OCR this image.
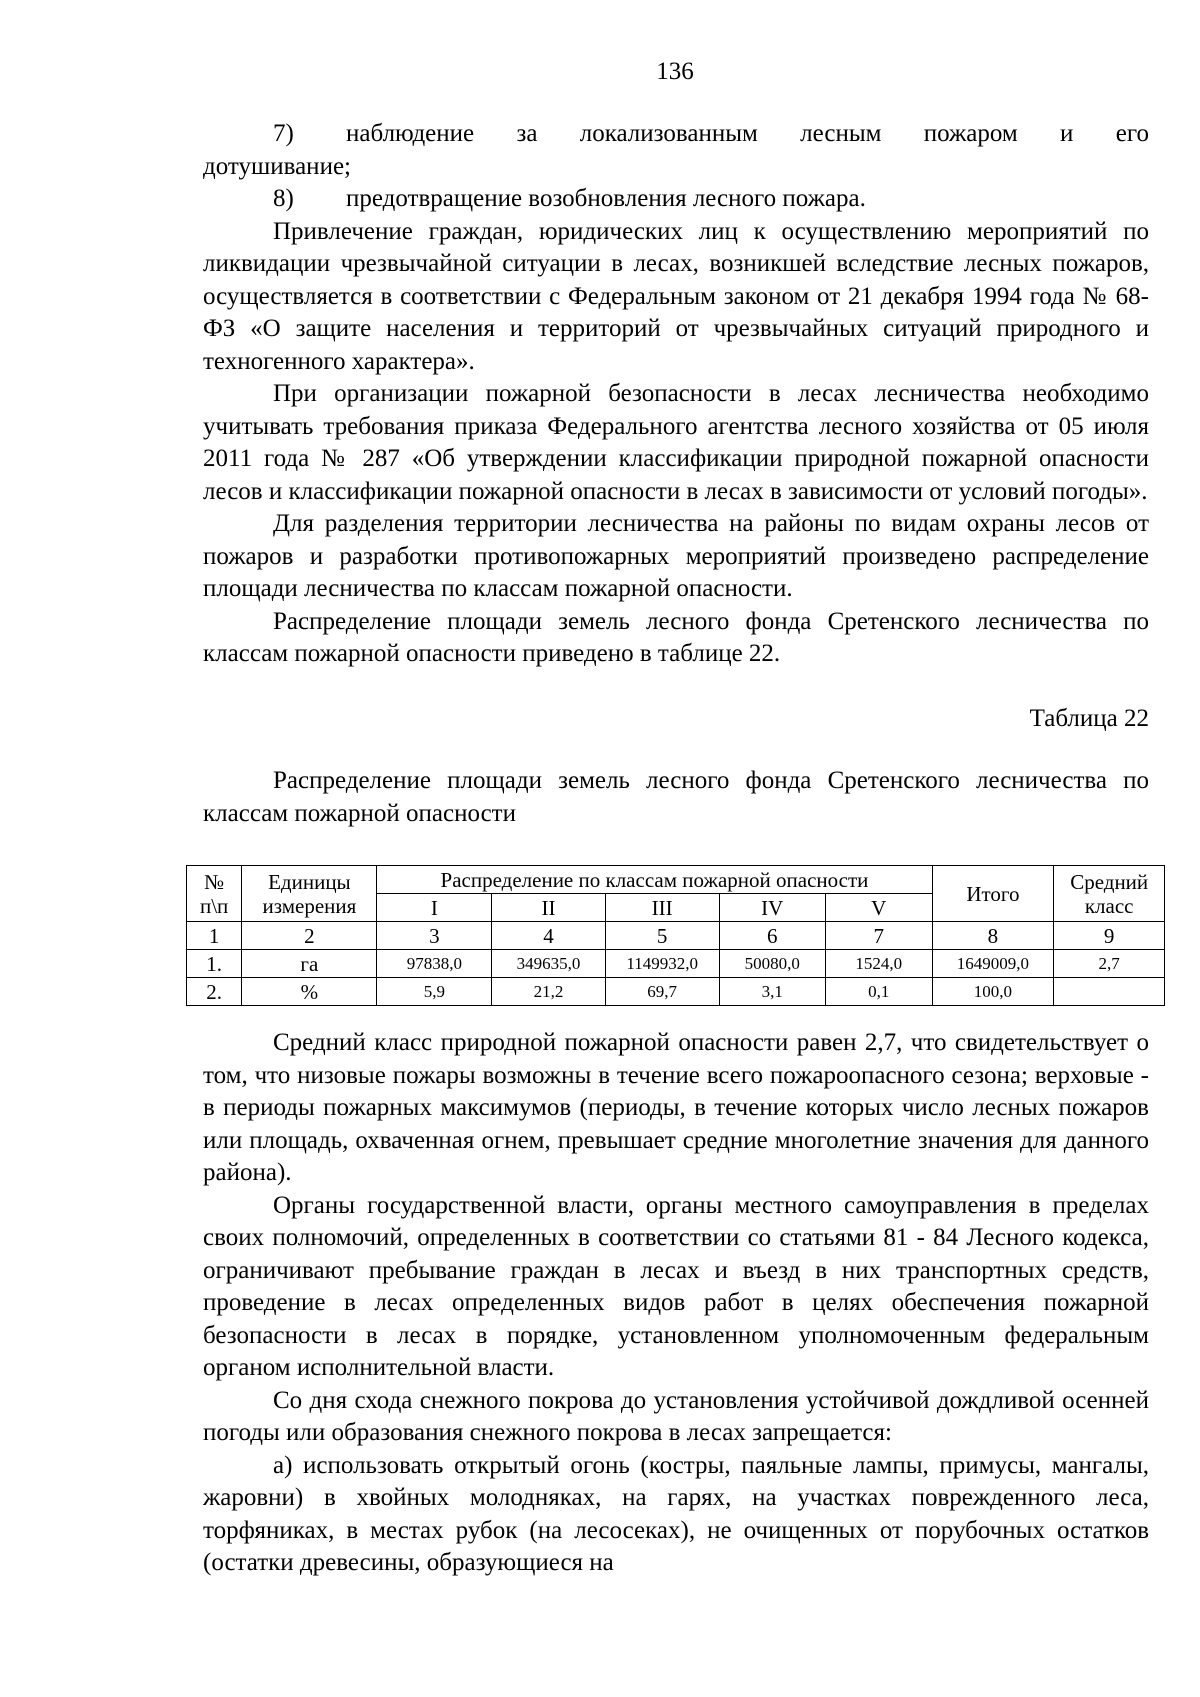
136
7)	наблюдение за локализованным лесным пожаром и его
дотушивание;
8)	предотвращение возобновления лесного пожара.

Привлечение граждан, юридических лиц к осуществлению мероприятий по ликвидации чрезвычайной ситуации в лесах, возникшей вследствие лесных пожаров, осуществляется в соответствии с Федеральным законом от 21 декабря 1994 года № 68-ФЗ «О защите населения и территорий от чрезвычайных ситуаций природного и техногенного характера».

При организации пожарной безопасности в лесах лесничества необходимо учитывать требования приказа Федерального агентства лесного хозяйства от 05 июля 2011 года № 287 «Об утверждении классификации природной пожарной опасности лесов и классификации пожарной опасности в лесах в зависимости от условий погоды».

Для разделения территории лесничества на районы по видам охраны лесов от пожаров и разработки противопожарных мероприятий произведено распределение площади лесничества по классам пожарной опасности.

Распределение площади земель лесного фонда Сретенского лесничества по классам пожарной опасности приведено в таблице 22.

Таблица 22

Распределение площади земель лесного фонда Сретенского лесничества по классам пожарной опасности

№ п\п	Единицы измерения	Распределение по классам пожарной опасности					Итого	Средний класс
		I	II	III	IV	V		
1	2	3	4	5	6	7	8	9
1.	га	97838,0	349635,0	1149932,0	50080,0	1524,0	1649009,0	2,7
2.	%	5,9	21,2	69,7	3,1	0,1	100,0	

Средний класс природной пожарной опасности равен 2,7, что свидетельствует о том, что низовые пожары возможны в течение всего пожароопасного сезона; верховые - в периоды пожарных максимумов (периоды, в течение которых число лесных пожаров или площадь, охваченная огнем, превышает средние многолетние значения для данного района).

Органы государственной власти, органы местного самоуправления в пределах своих полномочий, определенных в соответствии со статьями 81 - 84 Лесного кодекса, ограничивают пребывание граждан в лесах и въезд в них транспортных средств, проведение в лесах определенных видов работ в целях обеспечения пожарной безопасности в лесах в порядке, установленном уполномоченным федеральным органом исполнительной власти.

Со дня схода снежного покрова до установления устойчивой дождливой осенней погоды или образования снежного покрова в лесах запрещается:

а) использовать открытый огонь (костры, паяльные лампы, примусы, мангалы, жаровни) в хвойных молодняках, на гарях, на участках поврежденного леса, торфяниках, в местах рубок (на лесосеках), не очищенных от порубочных остатков (остатки древесины, образующиеся на
